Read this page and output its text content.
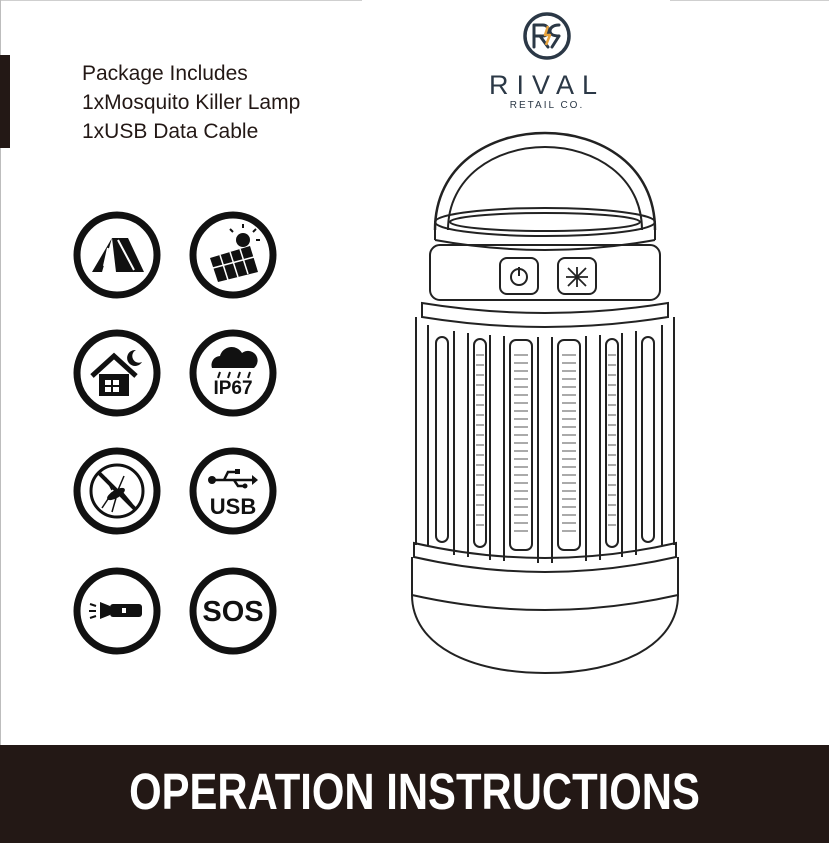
Package Includes
1xMosquito Killer Lamp
1xUSB Data Cable
RIVAL
RETAIL CO.
IP67
USB
SOS
OPERATION INSTRUCTIONS
